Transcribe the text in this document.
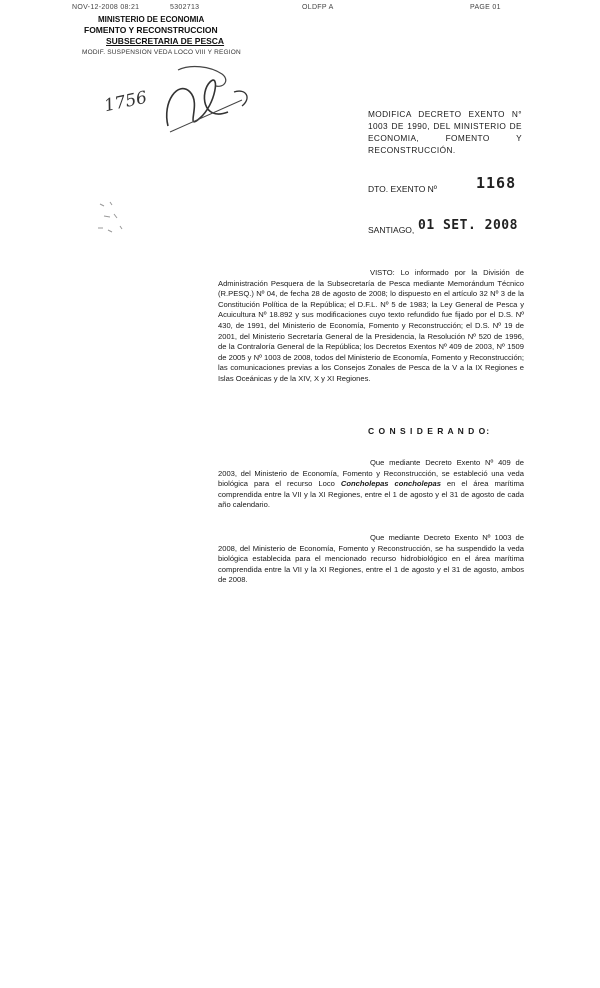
NOV-12-2008 08:21	5302713	OLDFP A	PAGE 01
MINISTERIO DE ECONOMIA
FOMENTO Y RECONSTRUCCION
SUBSECRETARIA DE PESCA
MODIF. SUSPENSION VEDA LOCO VIII Y REGION
1756	MODIFICA DECRETO EXENTO N° 1003 DE 1990, DEL MINISTERIO DE ECONOMIA, FOMENTO Y RECONSTRUCCIÓN.
DTO. EXENTO Nº	1168
SANTIAGO, 01 SET. 2008
VISTO: Lo informado por la División de Administración Pesquera de la Subsecretaría de Pesca mediante Memorándum Técnico (R.PESQ.) Nº 04, de fecha 28 de agosto de 2008; lo dispuesto en el artículo 32 Nº 3 de la Constitución Política de la República; el D.F.L. Nº 5 de 1983; la Ley General de Pesca y Acuicultura Nº 18.892 y sus modificaciones cuyo texto refundido fue fijado por el D.S. Nº 430, de 1991, del Ministerio de Economía, Fomento y Reconstrucción; el D.S. Nº 19 de 2001, del Ministerio Secretaría General de la Presidencia, la Resolución Nº 520 de 1996, de la Contraloría General de la República; los Decretos Exentos Nº 409 de 2003, Nº 1509 de 2005 y Nº 1003 de 2008, todos del Ministerio de Economía, Fomento y Reconstrucción; las comunicaciones previas a los Consejos Zonales de Pesca de la V a la IX Regiones e Islas Oceánicas y de la XIV, X y XI Regiones.
C O N S I D E R A N D O:
Que mediante Decreto Exento Nº 409 de 2003, del Ministerio de Economía, Fomento y Reconstrucción, se estableció una veda biológica para el recurso Loco Concholepas concholepas en el área marítima comprendida entre la VII y la XI Regiones, entre el 1 de agosto y el 31 de agosto de cada año calendario.
Que mediante Decreto Exento Nº 1003 de 2008, del Ministerio de Economía, Fomento y Reconstrucción, se ha suspendido la veda biológica establecida para el mencionado recurso hidrobiológico en el área marítima comprendida entre la VII y la XI Regiones, entre el 1 de agosto y el 31 de agosto, ambos de 2008.
